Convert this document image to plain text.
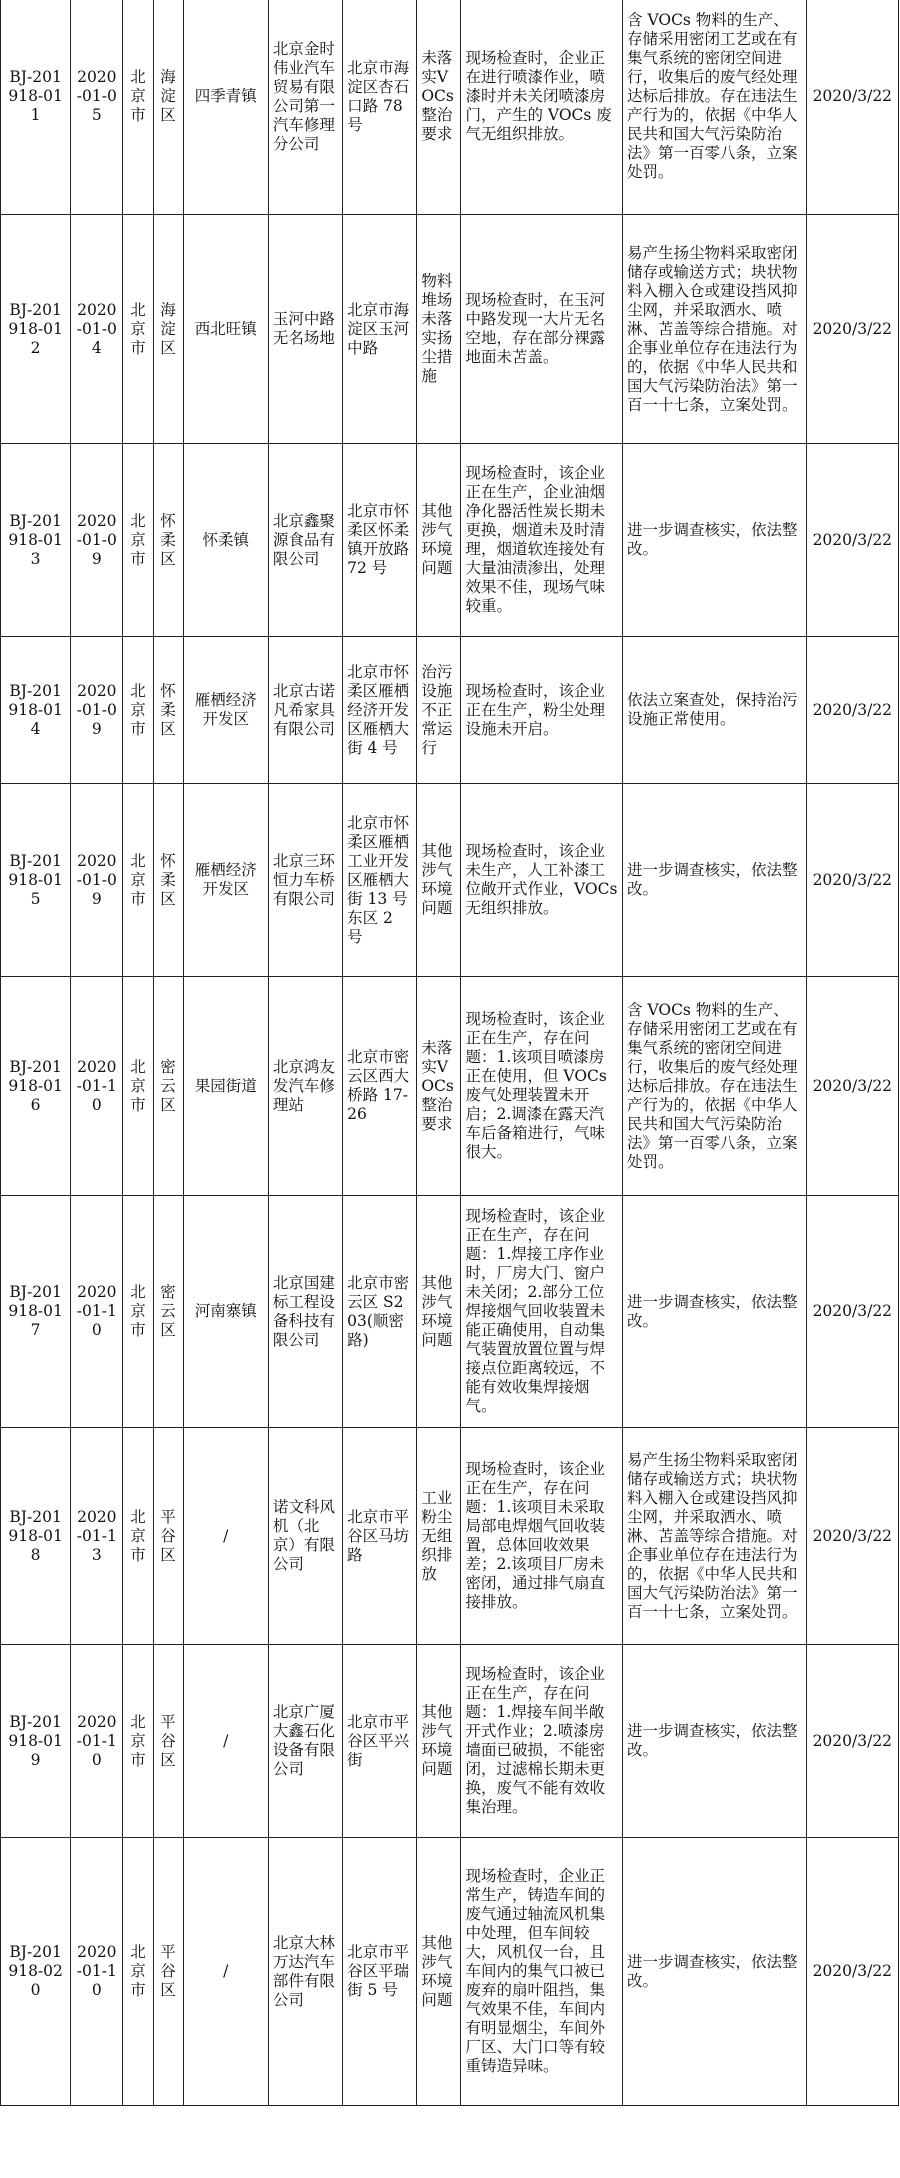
BJ-201918-011	2020-01-05	北京市	海淀区	四季青镇	北京金时伟业汽车贸易有限公司第一汽车修理分公司	北京市海淀区杏石口路 78 号	未落实VOCs整治要求	现场检查时，企业正在进行喷漆作业，喷漆时并未关闭喷漆房门，产生的 VOCs 废气无组织排放。	含 VOCs 物料的生产、存储采用密闭工艺或在有集气系统的密闭空间进行，收集后的废气经处理达标后排放。存在违法生产行为的，依据《中华人民共和国大气污染防治法》第一百零八条，立案处罚。	2020/3/22
BJ-201918-012	2020-01-04	北京市	海淀区	西北旺镇	玉河中路无名场地	北京市海淀区玉河中路	物料堆场未落实扬尘措施	现场检查时，在玉河中路发现一大片无名空地，存在部分裸露地面未苫盖。	易产生扬尘物料采取密闭储存或输送方式；块状物料入棚入仓或建设挡风抑尘网，并采取洒水、喷淋、苫盖等综合措施。对企事业单位存在违法行为的，依据《中华人民共和国大气污染防治法》第一百一十七条，立案处罚。	2020/3/22
BJ-201918-013	2020-01-09	北京市	怀柔区	怀柔镇	北京鑫聚源食品有限公司	北京市怀柔区怀柔镇开放路 72 号	其他涉气环境问题	现场检查时，该企业正在生产，企业油烟净化器活性炭长期未更换，烟道未及时清理，烟道软连接处有大量油渍渗出，处理效果不佳，现场气味较重。	进一步调查核实，依法整改。	2020/3/22
BJ-201918-014	2020-01-09	北京市	怀柔区	雁栖经济开发区	北京古诺凡希家具有限公司	北京市怀柔区雁栖经济开发区雁栖大街 4 号	治污设施不正常运行	现场检查时，该企业正在生产，粉尘处理设施未开启。	依法立案查处，保持治污设施正常使用。	2020/3/22
BJ-201918-015	2020-01-09	北京市	怀柔区	雁栖经济开发区	北京三环恒力车桥有限公司	北京市怀柔区雁栖工业开发区雁栖大街 13 号东区 2 号	其他涉气环境问题	现场检查时，该企业未生产，人工补漆工位敞开式作业，VOCs 无组织排放。	进一步调查核实，依法整改。	2020/3/22
BJ-201918-016	2020-01-10	北京市	密云区	果园街道	北京鸿友发汽车修理站	北京市密云区西大桥路 17-26	未落实VOCs整治要求	现场检查时，该企业正在生产，存在问题：1.该项目喷漆房正在使用，但 VOCs 废气处理装置未开启；2.调漆在露天汽车后备箱进行，气味很大。	含 VOCs 物料的生产、存储采用密闭工艺或在有集气系统的密闭空间进行，收集后的废气经处理达标后排放。存在违法生产行为的，依据《中华人民共和国大气污染防治法》第一百零八条，立案处罚。	2020/3/22
BJ-201918-017	2020-01-10	北京市	密云区	河南寨镇	北京国建标工程设备科技有限公司	北京市密云区 S203(顺密路)	其他涉气环境问题	现场检查时，该企业正在生产，存在问题：1.焊接工序作业时，厂房大门、窗户未关闭；2.部分工位焊接烟气回收装置未能正确使用，自动集气装置放置位置与焊接点位距离较远，不能有效收集焊接烟气。	进一步调查核实，依法整改。	2020/3/22
BJ-201918-018	2020-01-13	北京市	平谷区	/	诺文科风机（北京）有限公司	北京市平谷区马坊路	工业粉尘无组织排放	现场检查时，该企业正在生产，存在问题：1.该项目未采取局部电焊烟气回收装置，总体回收效果差；2.该项目厂房未密闭，通过排气扇直接排放。	易产生扬尘物料采取密闭储存或输送方式；块状物料入棚入仓或建设挡风抑尘网，并采取洒水、喷淋、苫盖等综合措施。对企事业单位存在违法行为的，依据《中华人民共和国大气污染防治法》第一百一十七条，立案处罚。	2020/3/22
BJ-201918-019	2020-01-10	北京市	平谷区	/	北京广厦大鑫石化设备有限公司	北京市平谷区平兴街	其他涉气环境问题	现场检查时，该企业正在生产，存在问题：1.焊接车间半敞开式作业；2.喷漆房墙面已破损，不能密闭，过滤棉长期未更换，废气不能有效收集治理。	进一步调查核实，依法整改。	2020/3/22
BJ-201918-020	2020-01-10	北京市	平谷区	/	北京大林万达汽车部件有限公司	北京市平谷区平瑞街 5 号	其他涉气环境问题	现场检查时，企业正常生产，铸造车间的废气通过轴流风机集中处理，但车间较大，风机仅一台，且车间内的集气口被已废弃的扇叶阻挡，集气效果不佳，车间内有明显烟尘，车间外厂区、大门口等有较重铸造异味。	进一步调查核实，依法整改。	2020/3/22
